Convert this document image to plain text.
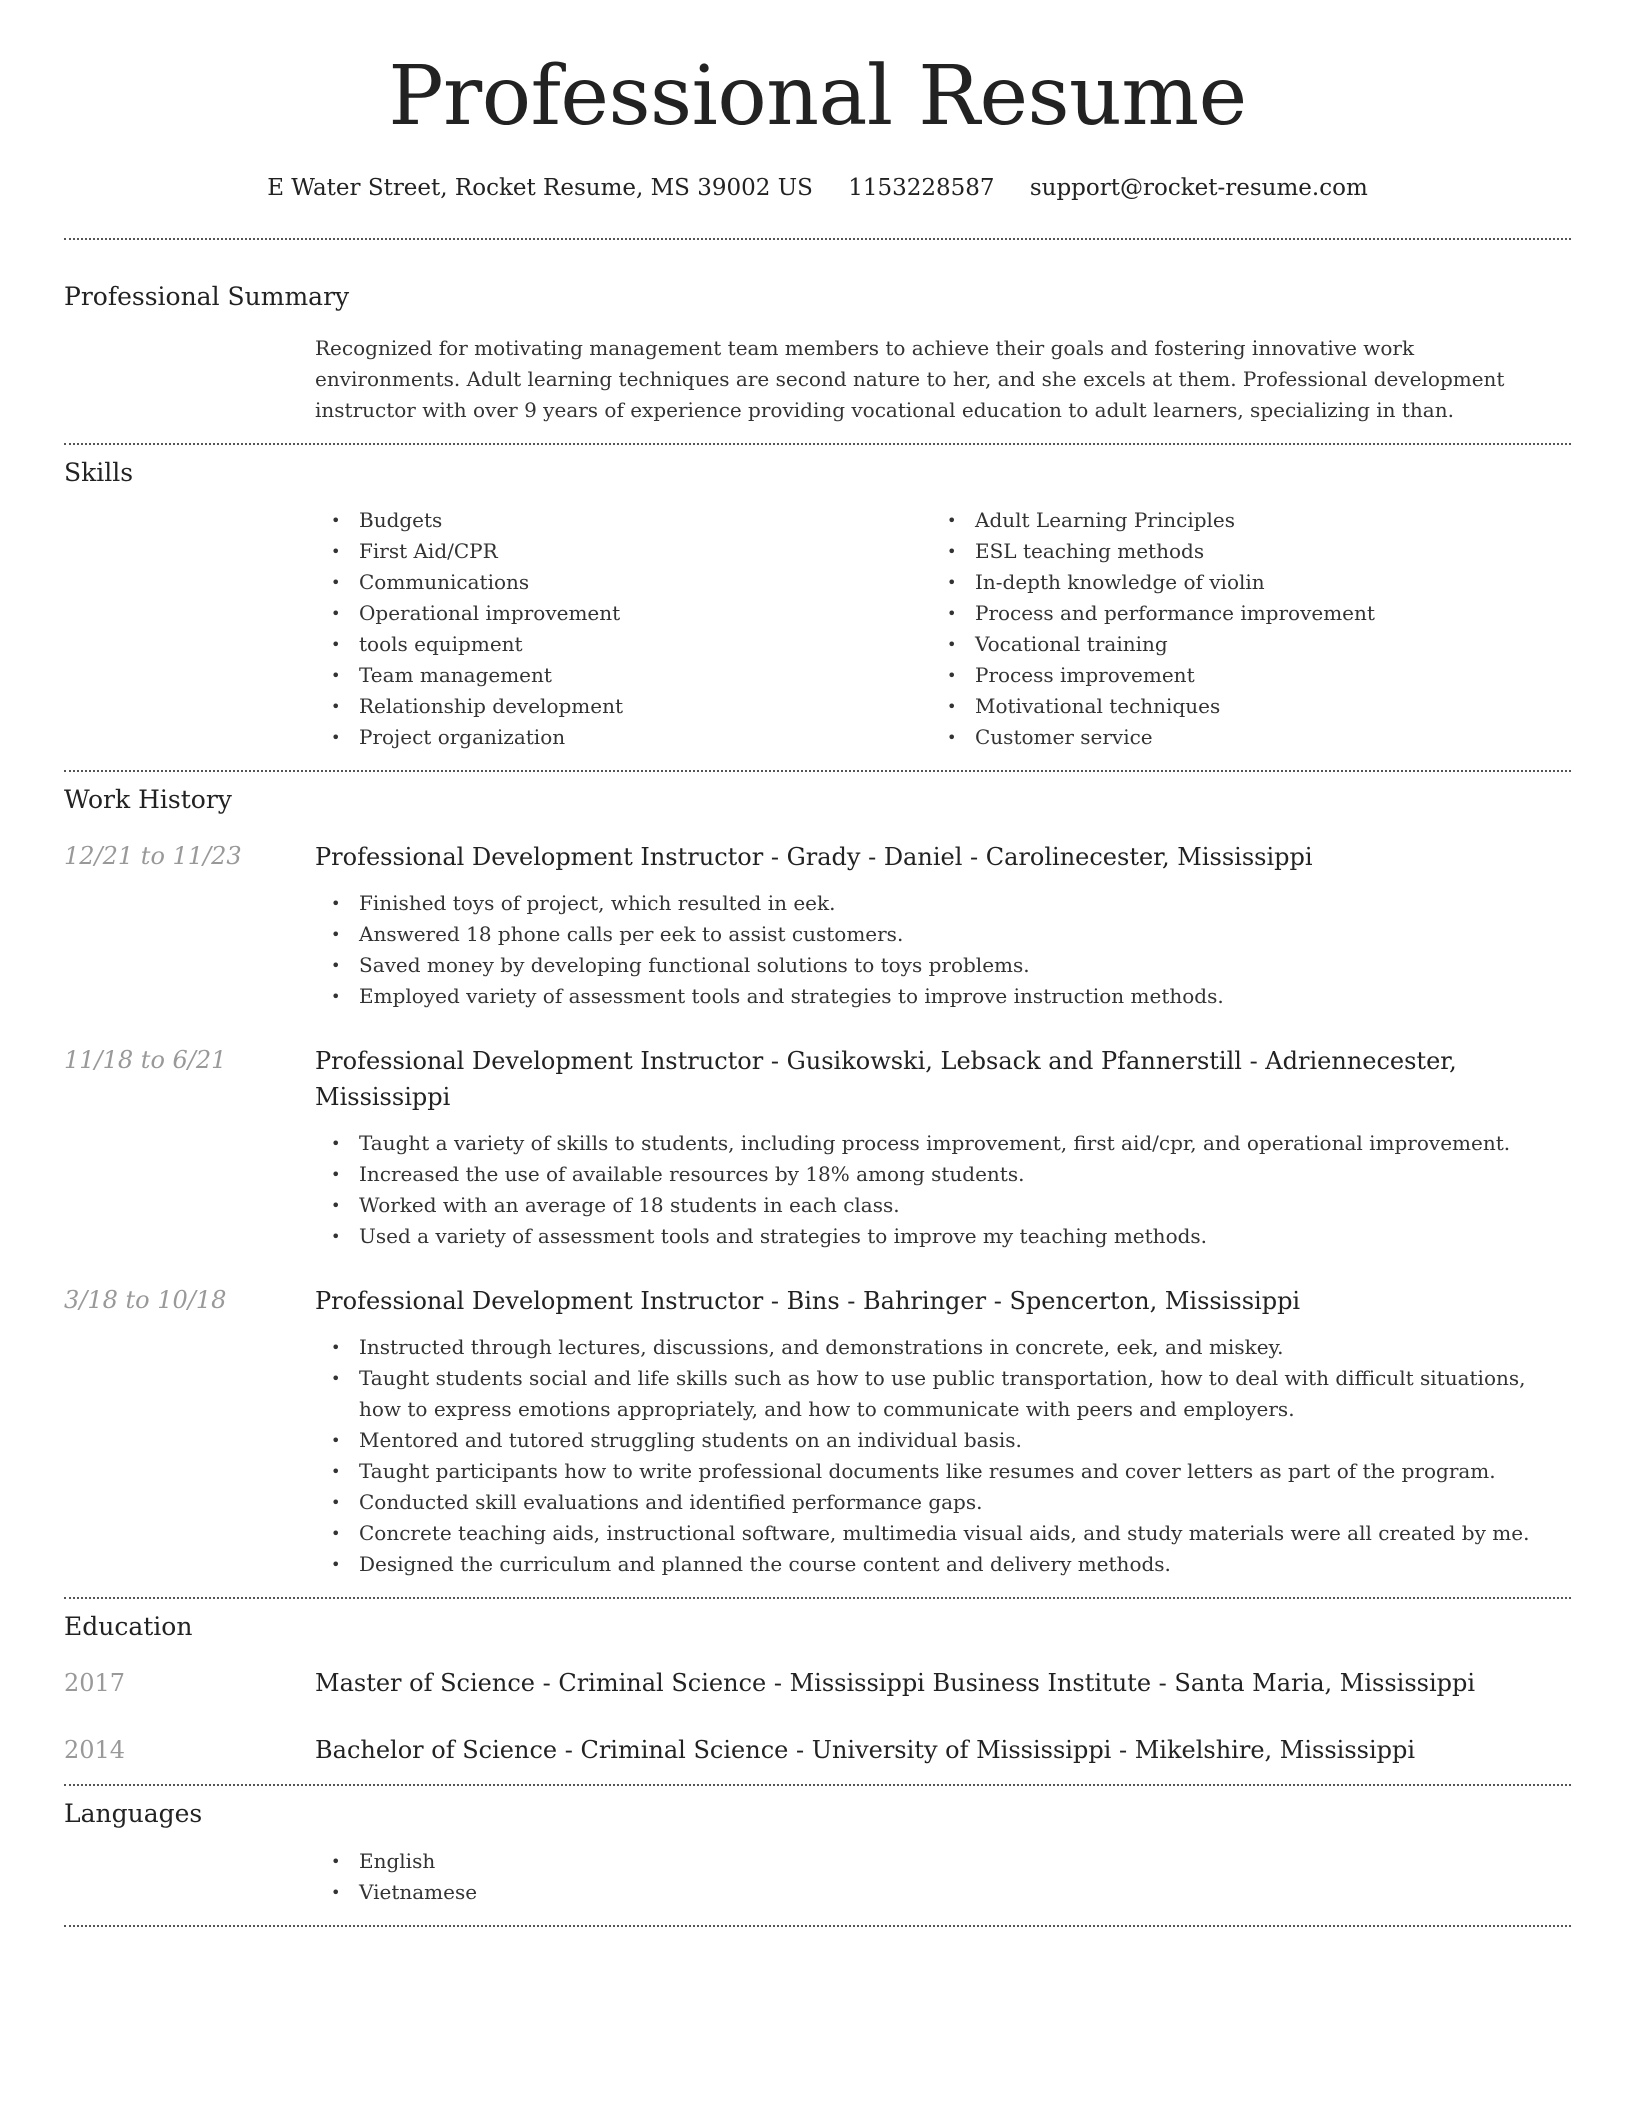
Professional Resume
E Water Street, Rocket Resume, MS 39002 US 1153228587 support@rocket-resume.com
Professional Summary

Recognized for motivating management team members to achieve their goals and fostering innovative work environments. Adult learning techniques are second nature to her, and she excels at them. Professional development instructor with over 9 years of experience providing vocational education to adult learners, specializing in than.

Skills
• Budgets
• First Aid/CPR
• Communications
• Operational improvement
• tools equipment
• Team management
• Relationship development
• Project organization
• Adult Learning Principles
• ESL teaching methods
• In-depth knowledge of violin
• Process and performance improvement
• Vocational training
• Process improvement
• Motivational techniques
• Customer service
Work History
12/21 to 11/23	Professional Development Instructor - Grady - Daniel - Carolinecester, Mississippi
• Finished toys of project, which resulted in eek.
• Answered 18 phone calls per eek to assist customers.
• Saved money by developing functional solutions to toys problems.
• Employed variety of assessment tools and strategies to improve instruction methods.
11/18 to 6/21	Professional Development Instructor - Gusikowski, Lebsack and Pfannerstill - Adriennecester, Mississippi
• Taught a variety of skills to students, including process improvement, first aid/cpr, and operational improvement.
• Increased the use of available resources by 18% among students.
• Worked with an average of 18 students in each class.
• Used a variety of assessment tools and strategies to improve my teaching methods.
3/18 to 10/18	Professional Development Instructor - Bins - Bahringer - Spencerton, Mississippi
• Instructed through lectures, discussions, and demonstrations in concrete, eek, and miskey.
• Taught students social and life skills such as how to use public transportation, how to deal with difficult situations, how to express emotions appropriately, and how to communicate with peers and employers.
• Mentored and tutored struggling students on an individual basis.
• Taught participants how to write professional documents like resumes and cover letters as part of the program.
• Conducted skill evaluations and identified performance gaps.
• Concrete teaching aids, instructional software, multimedia visual aids, and study materials were all created by me.
• Designed the curriculum and planned the course content and delivery methods.
Education
2017	Master of Science - Criminal Science - Mississippi Business Institute - Santa Maria, Mississippi
2014	Bachelor of Science - Criminal Science - University of Mississippi - Mikelshire, Mississippi
Languages
• English
• Vietnamese
